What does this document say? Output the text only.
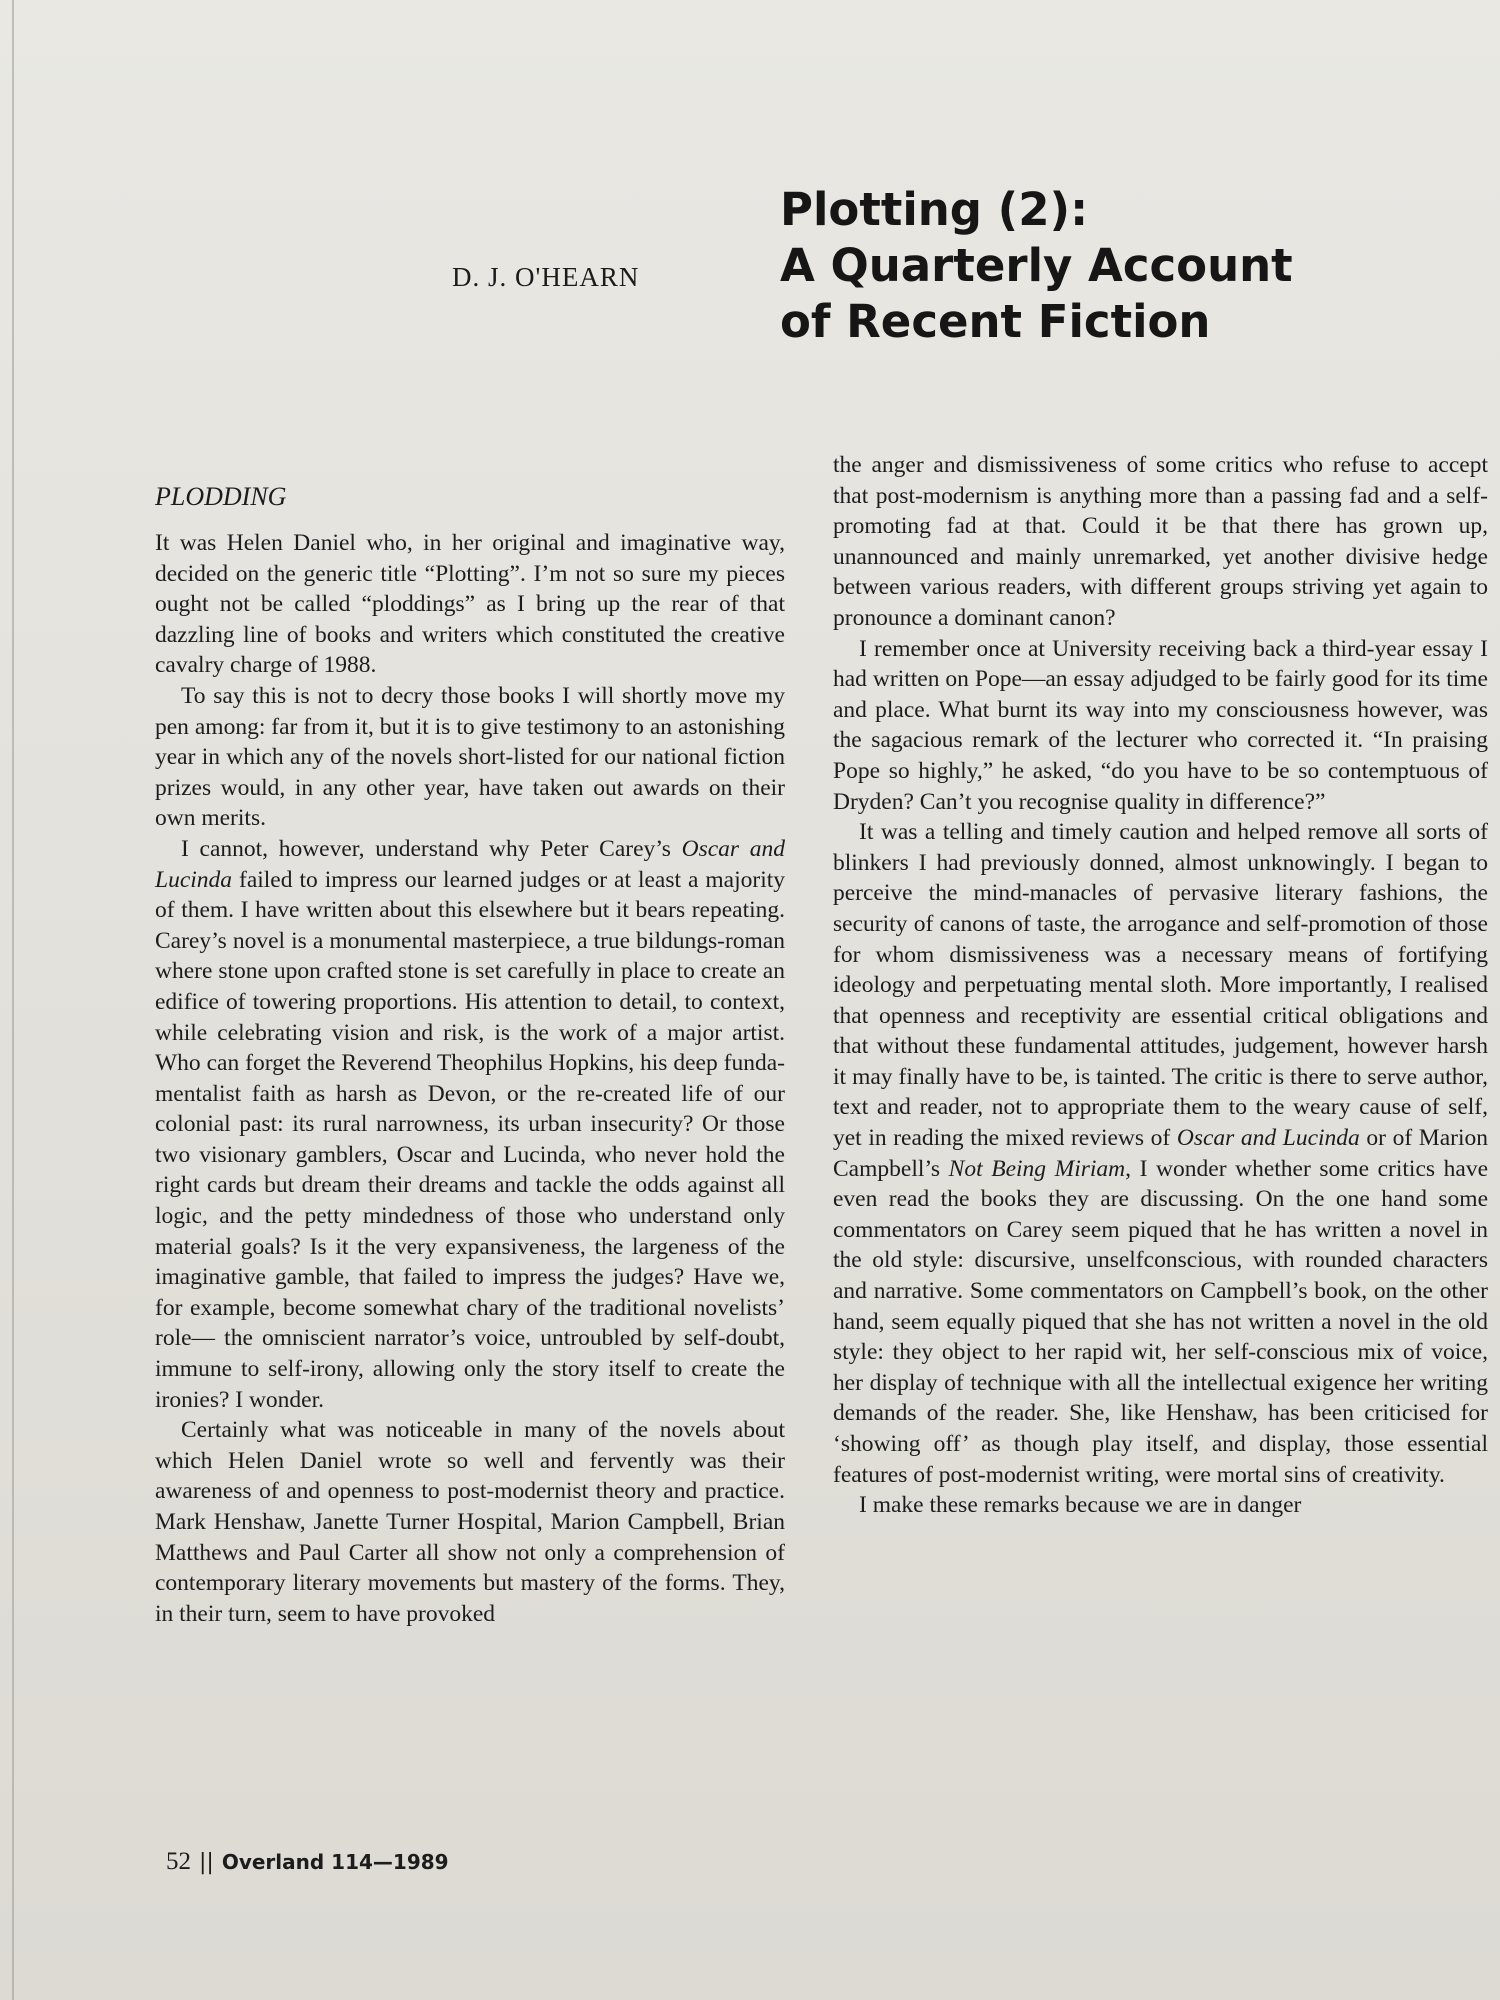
D. J. O'HEARN
Plotting (2):
A Quarterly Account
of Recent Fiction
PLODDING

It was Helen Daniel who, in her original and imaginative way, decided on the generic title “Plotting”. I’m not so sure my pieces ought not be called “ploddings” as I bring up the rear of that dazzling line of books and writers which constituted the creative cavalry charge of 1988.

To say this is not to decry those books I will shortly move my pen among: far from it, but it is to give testimony to an astonishing year in which any of the novels short-listed for our national fiction prizes would, in any other year, have taken out awards on their own merits.

I cannot, however, understand why Peter Carey’s Oscar and Lucinda failed to impress our learned judges or at least a majority of them. I have written about this elsewhere but it bears repeating. Carey’s novel is a monumental masterpiece, a true bildungs-roman where stone upon crafted stone is set carefully in place to create an edifice of towering proportions. His attention to detail, to context, while celebrating vision and risk, is the work of a major artist. Who can forget the Reverend Theophilus Hopkins, his deep funda-mentalist faith as harsh as Devon, or the re-created life of our colonial past: its rural narrowness, its urban insecurity? Or those two visionary gamblers, Oscar and Lucinda, who never hold the right cards but dream their dreams and tackle the odds against all logic, and the petty mindedness of those who understand only material goals? Is it the very expansiveness, the largeness of the imaginative gamble, that failed to impress the judges? Have we, for example, become somewhat chary of the traditional novelists’ role— the omniscient narrator’s voice, untroubled by self-doubt, immune to self-irony, allowing only the story itself to create the ironies? I wonder.

Certainly what was noticeable in many of the novels about which Helen Daniel wrote so well and fervently was their awareness of and openness to post-modernist theory and practice. Mark Henshaw, Janette Turner Hospital, Marion Campbell, Brian Matthews and Paul Carter all show not only a comprehension of contemporary literary movements but mastery of the forms. They, in their turn, seem to have provoked

the anger and dismissiveness of some critics who refuse to accept that post-modernism is anything more than a passing fad and a self-promoting fad at that. Could it be that there has grown up, unannounced and mainly unremarked, yet another divisive hedge between various readers, with different groups striving yet again to pronounce a dominant canon?

I remember once at University receiving back a third-year essay I had written on Pope—an essay adjudged to be fairly good for its time and place. What burnt its way into my consciousness however, was the sagacious remark of the lecturer who corrected it. “In praising Pope so highly,” he asked, “do you have to be so contemptuous of Dryden? Can’t you recognise quality in difference?”

It was a telling and timely caution and helped remove all sorts of blinkers I had previously donned, almost unknowingly. I began to perceive the mind-manacles of pervasive literary fashions, the security of canons of taste, the arrogance and self-promotion of those for whom dismissiveness was a necessary means of fortifying ideology and perpetuating mental sloth. More importantly, I realised that openness and receptivity are essential critical obligations and that without these fundamental attitudes, judgement, however harsh it may finally have to be, is tainted. The critic is there to serve author, text and reader, not to appropriate them to the weary cause of self, yet in reading the mixed reviews of Oscar and Lucinda or of Marion Campbell’s Not Being Miriam, I wonder whether some critics have even read the books they are discussing. On the one hand some commentators on Carey seem piqued that he has written a novel in the old style: discursive, unselfconscious, with rounded characters and narrative. Some commentators on Campbell’s book, on the other hand, seem equally piqued that she has not written a novel in the old style: they object to her rapid wit, her self-conscious mix of voice, her display of technique with all the intellectual exigence her writing demands of the reader. She, like Henshaw, has been criticised for ‘showing off’ as though play itself, and display, those essential features of post-modernist writing, were mortal sins of creativity.

I make these remarks because we are in danger

52 || Overland 114—1989
